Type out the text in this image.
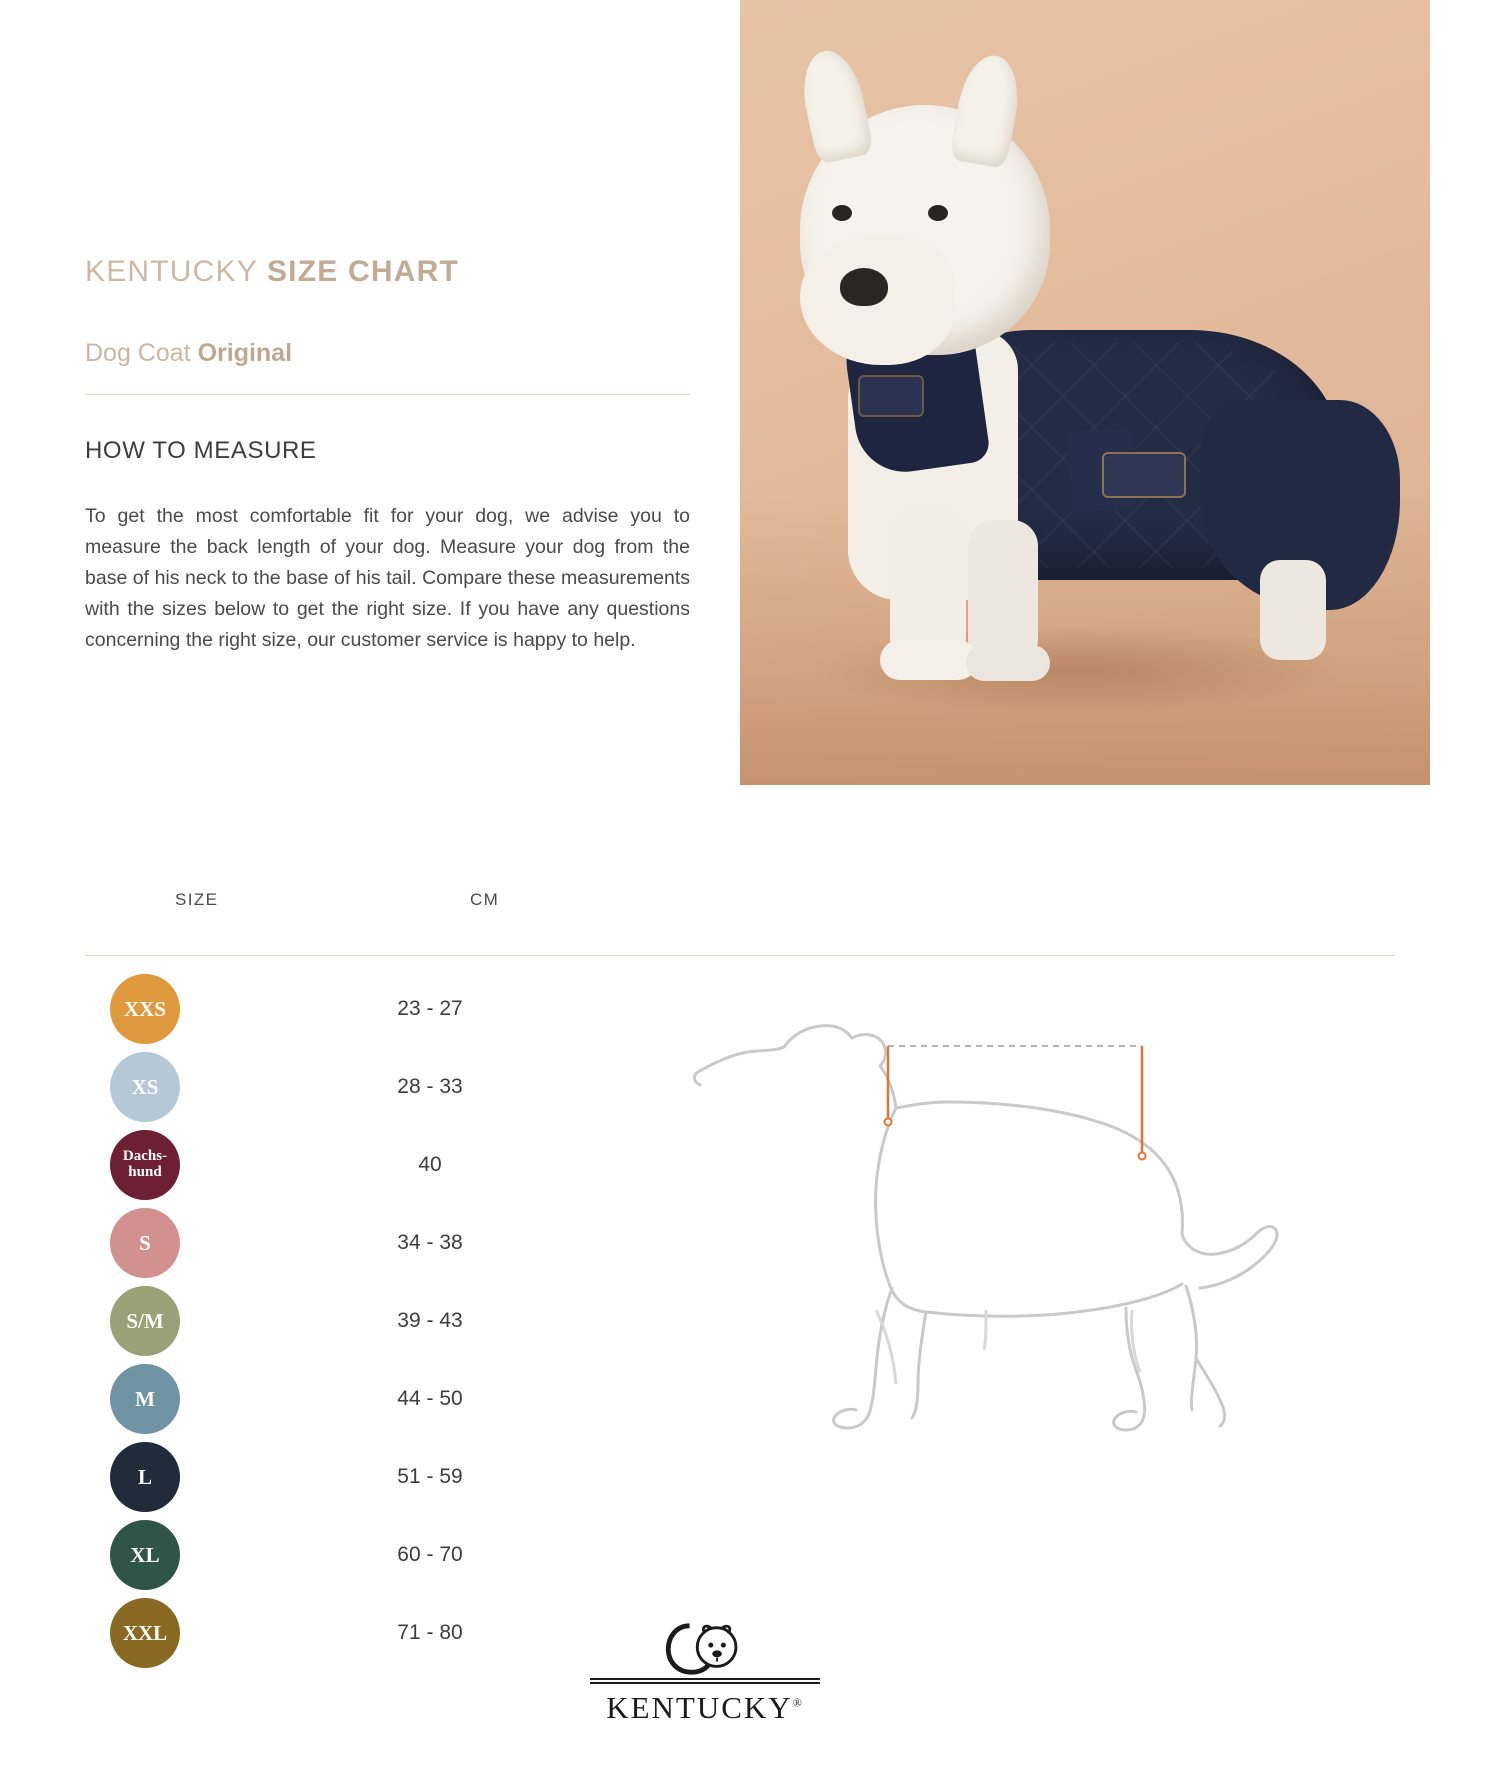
KENTUCKY SIZE CHART
Dog Coat Original
HOW TO MEASURE

To get the most comfortable fit for your dog, we advise you to measure the back length of your dog. Measure your dog from the base of his neck to the base of his tail. Compare these measurements with the sizes below to get the right size. If you have any questions concerning the right size, our customer service is happy to help.

SIZE	CM
XXS	23 - 27
XS	28 - 33
Dachs-
hund	40
S	34 - 38
S/M	39 - 43
M	44 - 50
L	51 - 59
XL	60 - 70
XXL	71 - 80
KENTUCKY®
